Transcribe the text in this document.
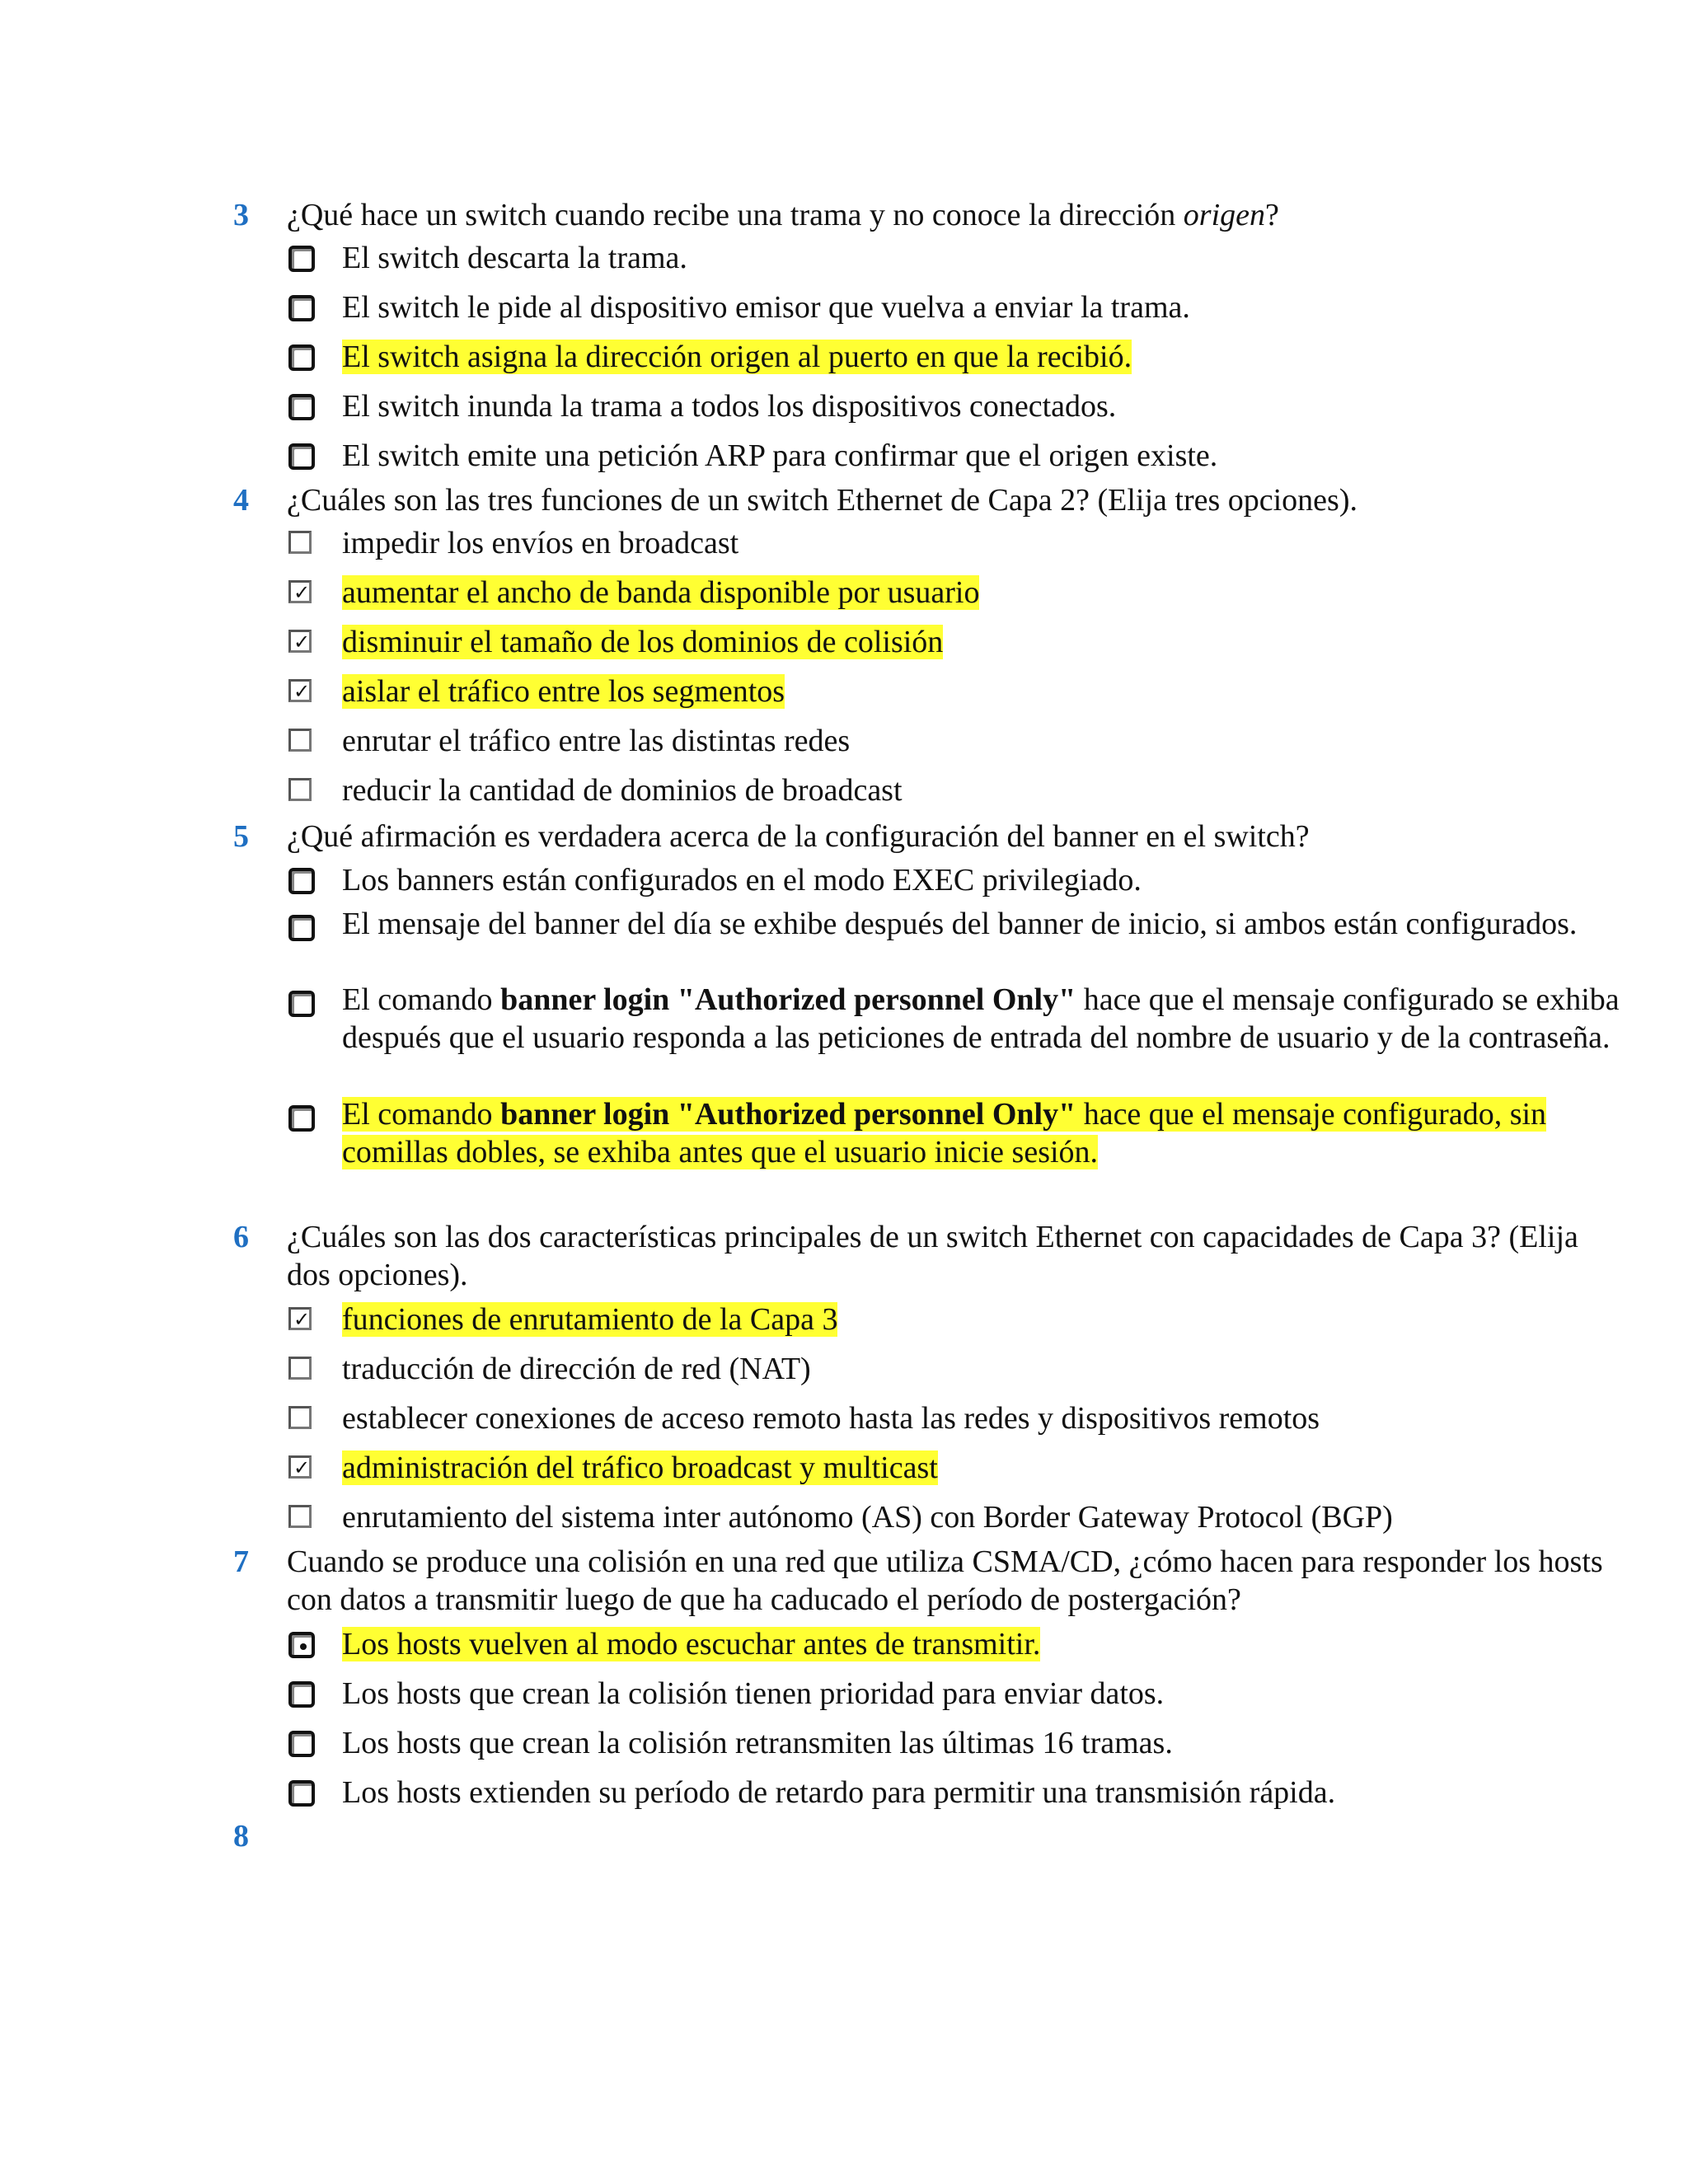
3 ¿Qué hace un switch cuando recibe una trama y no conoce la dirección origen?
El switch descarta la trama.
El switch le pide al dispositivo emisor que vuelva a enviar la trama.
El switch asigna la dirección origen al puerto en que la recibió.
El switch inunda la trama a todos los dispositivos conectados.
El switch emite una petición ARP para confirmar que el origen existe.
4 ¿Cuáles son las tres funciones de un switch Ethernet de Capa 2? (Elija tres opciones).
impedir los envíos en broadcast
✓ aumentar el ancho de banda disponible por usuario
✓ disminuir el tamaño de los dominios de colisión
✓ aislar el tráfico entre los segmentos
enrutar el tráfico entre las distintas redes
reducir la cantidad de dominios de broadcast
5 ¿Qué afirmación es verdadera acerca de la configuración del banner en el switch?
Los banners están configurados en el modo EXEC privilegiado.
El mensaje del banner del día se exhibe después del banner de inicio, si ambos están configurados.
El comando banner login "Authorized personnel Only" hace que el mensaje configurado se exhiba después que el usuario responda a las peticiones de entrada del nombre de usuario y de la contraseña.
El comando banner login "Authorized personnel Only" hace que el mensaje configurado, sin comillas dobles, se exhiba antes que el usuario inicie sesión.
6 ¿Cuáles son las dos características principales de un switch Ethernet con capacidades de Capa 3? (Elija dos opciones).
✓ funciones de enrutamiento de la Capa 3
traducción de dirección de red (NAT)
establecer conexiones de acceso remoto hasta las redes y dispositivos remotos
✓ administración del tráfico broadcast y multicast
enrutamiento del sistema inter autónomo (AS) con Border Gateway Protocol (BGP)
7 Cuando se produce una colisión en una red que utiliza CSMA/CD, ¿cómo hacen para responder los hosts con datos a transmitir luego de que ha caducado el período de postergación?
Los hosts vuelven al modo escuchar antes de transmitir.
Los hosts que crean la colisión tienen prioridad para enviar datos.
Los hosts que crean la colisión retransmiten las últimas 16 tramas.
Los hosts extienden su período de retardo para permitir una transmisión rápida.
8
